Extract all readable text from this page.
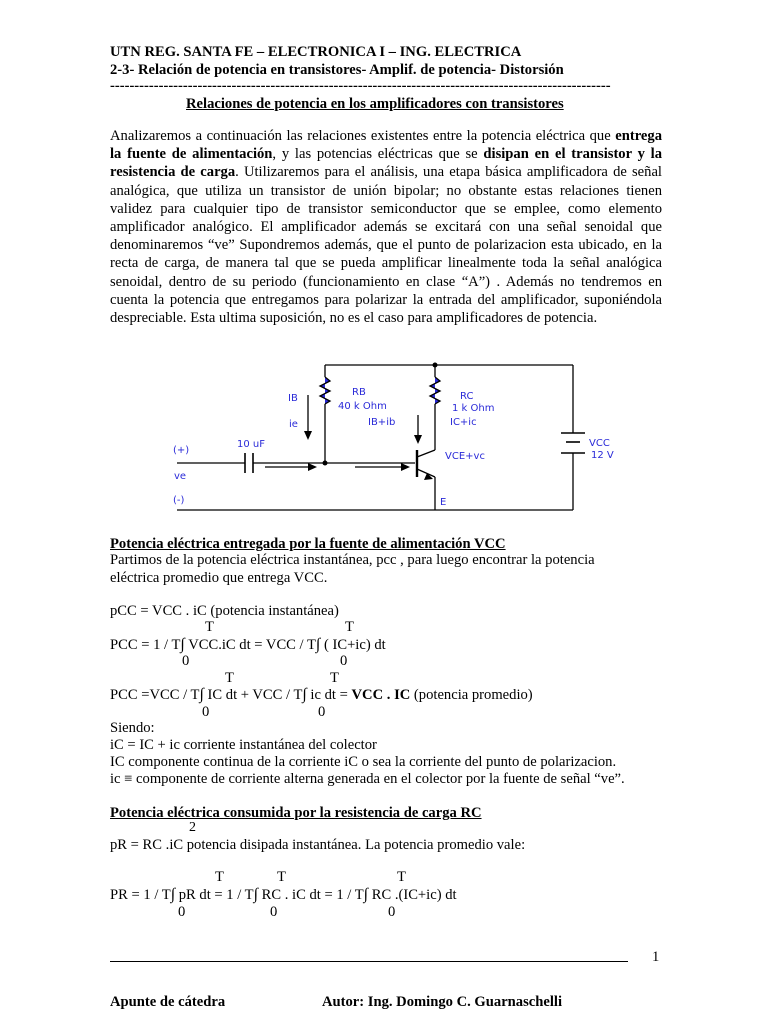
UTN REG. SANTA FE – ELECTRONICA I – ING. ELECTRICA
2-3- Relación de potencia en transistores- Amplif. de potencia- Distorsión
-------------------------------------------------------------------------------------------------------
Relaciones de potencia en los amplificadores con transistores
Analizaremos a continuación las relaciones existentes entre la potencia eléctrica que entrega la fuente de alimentación, y las potencias eléctricas que se disipan en el transistor y la resistencia de carga. Utilizaremos para el análisis, una etapa básica amplificadora de señal analógica, que utiliza un transistor de unión bipolar; no obstante estas relaciones tienen validez para cualquier tipo de transistor semiconductor que se emplee, como elemento amplificador analógico. El amplificador además se excitará con una señal senoidal que denominaremos “ve” Supondremos además, que el punto de polarizacion esta ubicado, en la recta de carga, de manera tal que se pueda amplificar linealmente toda la señal analógica senoidal, dentro de su periodo (funcionamiento en clase “A”) . Además no tendremos en cuenta la potencia que entregamos para polarizar la entrada del amplificador, suponiéndola despreciable. Esta ultima suposición, no es el caso para amplificadores de potencia.
IB
ie
RB
40 k Ohm
IB+ib
RC
1 k Ohm
IC+ic
10 uF
(+)
ve
(-)
VCE+vc
E
VCC
12 V
Potencia eléctrica entregada por la fuente de alimentación VCC
Partimos de la potencia eléctrica instantánea, pcc , para luego encontrar la potencia
eléctrica promedio que entrega VCC.
pCC = VCC . iC (potencia instantánea)
T	T
PCC = 1 / T∫ VCC.iC dt = VCC / T∫ ( IC+ic) dt
0	0
T	T
PCC =VCC / T∫ IC dt + VCC / T∫ ic dt = VCC . IC (potencia promedio)
0	0
Siendo:
iC = IC + ic corriente instantánea del colector
IC componente continua de la corriente iC o sea la corriente del punto de polarizacion.
ic ≡ componente de corriente alterna generada en el colector por la fuente de señal “ve”.
Potencia eléctrica consumida por la resistencia de carga RC
2
pR = RC .iC potencia disipada instantánea. La potencia promedio vale:
T	T	T
PR = 1 / T∫ pR dt = 1 / T∫ RC . iC dt = 1 / T∫ RC .(IC+ic) dt
0	0	0
1
Apunte de cátedra	Autor: Ing. Domingo C. Guarnaschelli
